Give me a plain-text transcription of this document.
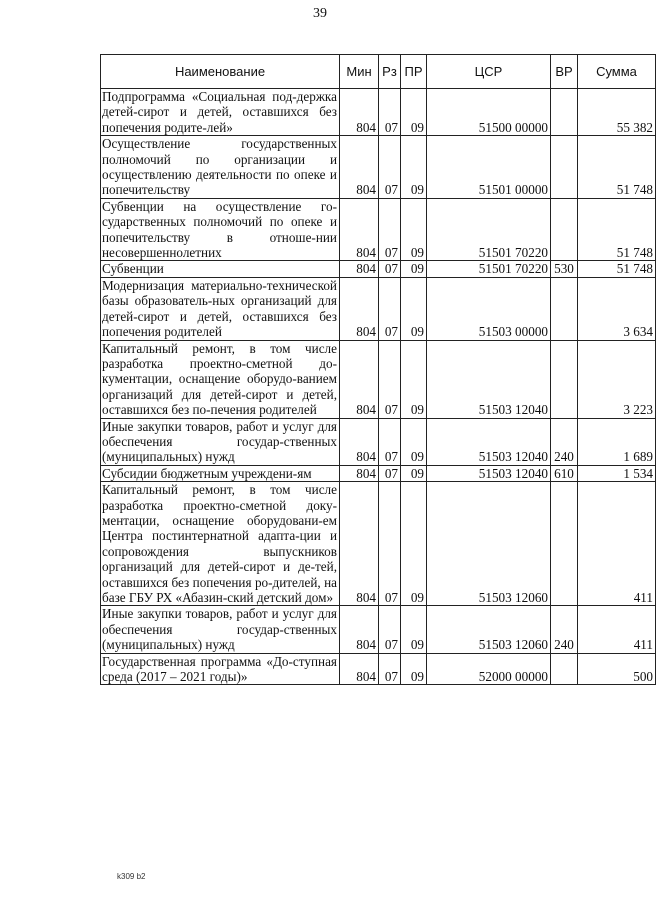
39
Наименование	Мин	Рз	ПР	ЦСР	ВР	Сумма
Подпрограмма «Социальная под-держка детей-сирот и детей, оставшихся без попечения родите-лей»	804	07	09	51500 00000		55 382
Осуществление государственных полномочий по организации и осуществлению деятельности по опеке и попечительству	804	07	09	51501 00000		51 748
Субвенции на осуществление го-сударственных полномочий по опеке и попечительству в отноше-нии несовершеннолетних	804	07	09	51501 70220		51 748
Субвенции	804	07	09	51501 70220	530	51 748
Модернизация материально-технической базы образователь-ных организаций для детей-сирот и детей, оставшихся без попечения родителей	804	07	09	51503 00000		3 634
Капитальный ремонт, в том числе разработка проектно-сметной до-кументации, оснащение оборудо-ванием организаций для детей-сирот и детей, оставшихся без по-печения родителей	804	07	09	51503 12040		3 223
Иные закупки товаров, работ и услуг для обеспечения государ-ственных (муниципальных) нужд	804	07	09	51503 12040	240	1 689
Субсидии бюджетным учреждени-ям	804	07	09	51503 12040	610	1 534
Капитальный ремонт, в том числе разработка проектно-сметной доку-ментации, оснащение оборудовани-ем Центра постинтернатной адапта-ции и сопровождения выпускников организаций для детей-сирот и де-тей, оставшихся без попечения ро-дителей, на базе ГБУ РХ «Абазин-ский детский дом»	804	07	09	51503 12060		411
Иные закупки товаров, работ и услуг для обеспечения государ-ственных (муниципальных) нужд	804	07	09	51503 12060	240	411
Государственная программа «До-ступная среда (2017 – 2021 годы)»	804	07	09	52000 00000		500
k309 b2
